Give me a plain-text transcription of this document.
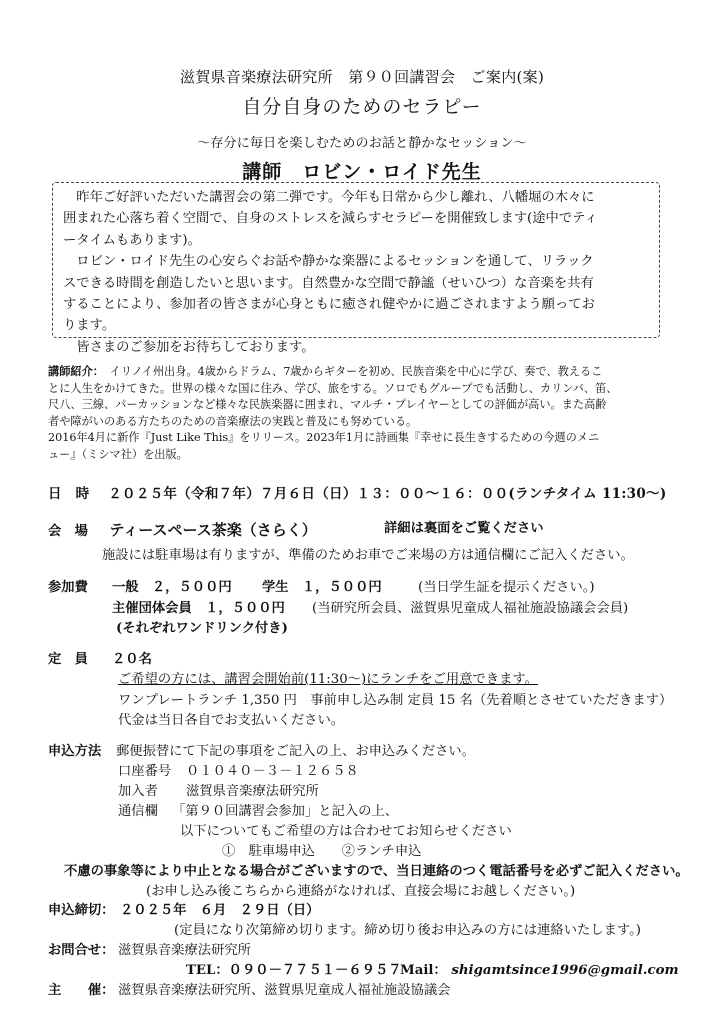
滋賀県音楽療法研究所　第９０回講習会　ご案内(案)
自分自身のためのセラピー
～存分に毎日を楽しむためのお話と静かなセッション～
講師　ロビン・ロイド先生

　昨年ご好評いただいた講習会の第二弾です。今年も日常から少し離れ、八幡堀の木々に

囲まれた心落ち着く空間で、自身のストレスを減らすセラピーを開催致します(途中でティ

ータイムもあります)。

　ロビン・ロイド先生の心安らぐお話や静かな楽器によるセッションを通して、リラック

スできる時間を創造したいと思います。自然豊かな空間で静謐（せいひつ）な音楽を共有

することにより、参加者の皆さまが心身ともに癒され健やかに過ごされますよう願ってお

ります。

　皆さまのご参加をお待ちしております。

講師紹介：　イリノイ州出身。4歳からドラム、7歳からギターを初め、民族音楽を中心に学び、奏で、教えるこ

とに人生をかけてきた。世界の様々な国に住み、学び、旅をする。ソロでもグループでも活動し、カリンバ、笛、

尺八、三線、パーカッションなど様々な民族楽器に囲まれ、マルチ・プレイヤーとしての評価が高い。また高齢

者や障がいのある方たちのための音楽療法の実践と普及にも努めている。

2016年4月に新作『Just Like This』をリリース。2023年1月に詩画集『幸せに長生きするための今週のメニ

ュー』（ミシマ社）を出版。

日　時　 ２０２５年（令和７年）７月６日（日）１３：００～１６：００(ランチタイム 11:30～)
会　場　 ティースペース茶楽（さらく）	詳細は裏面をご覧ください
施設には駐車場は有りますが、準備のためお車でご来場の方は通信欄にご記入ください。
参加費 一般　２，５００円 学生　１，５００円	(当日学生証を提示ください。)
主催団体会員　１，５００円 (当研究所会員、滋賀県児童成人福祉施設協議会会員)
(それぞれワンドリンク付き)
定　員 ２０名
ご希望の方には、講習会開始前(11:30～)にランチをご用意できます。
ワンプレートランチ 1,350 円　事前申し込み制 定員 15 名（先着順とさせていただきます）
代金は当日各自でお支払いください。
申込方法 郵便振替にて下記の事項をご記入の上、お申込みください。
口座番号 ０１０４０－３－１２６５８
加入者 滋賀県音楽療法研究所
通信欄 「第９０回講習会参加」と記入の上、
以下についてもご希望の方は合わせてお知らせください
①　駐車場申込　　②ランチ申込
不慮の事象等により中止となる場合がございますので、当日連絡のつく電話番号を必ずご記入ください。
(お申し込み後こちらから連絡がなければ、直接会場にお越しください。)
申込締切： ２０２５年　６月　２９日（日）
(定員になり次第締め切ります。締め切り後お申込みの方には連絡いたします。)
お問合せ： 滋賀県音楽療法研究所
TEL：０９０－７７５１－６９５７
Mail： shigamtsince1996@gmail.com
主　　催： 滋賀県音楽療法研究所、滋賀県児童成人福祉施設協議会
